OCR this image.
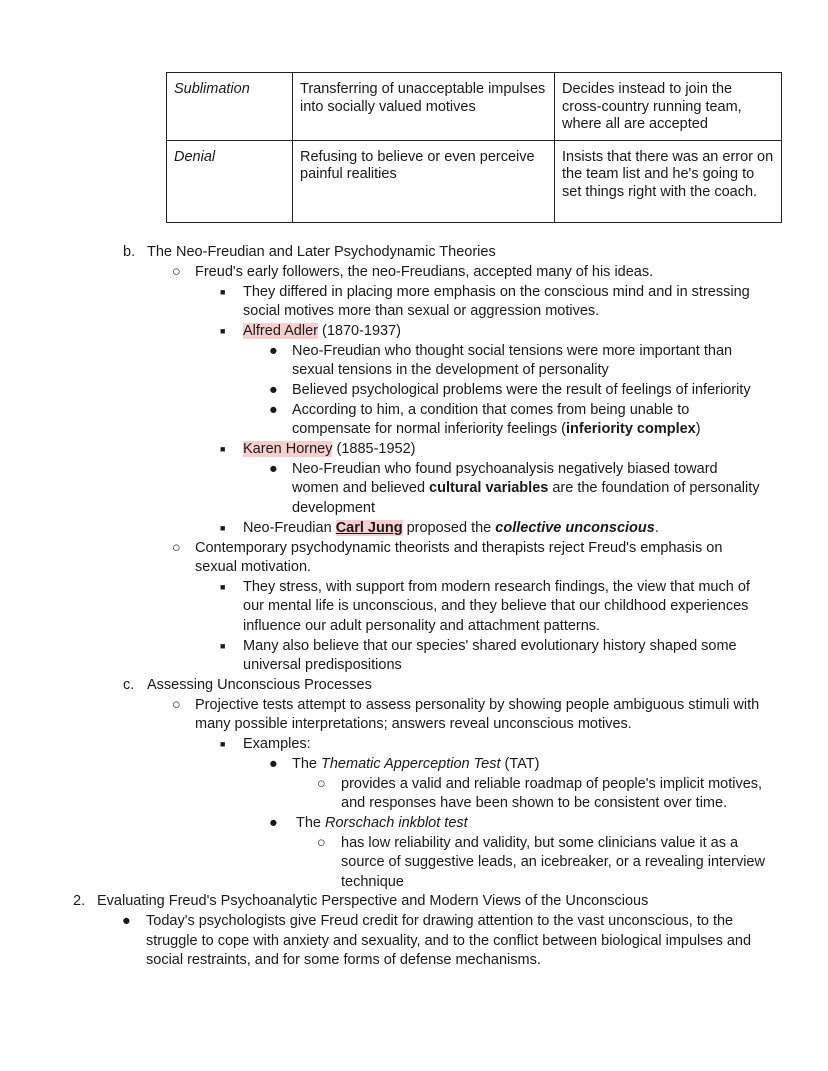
Sublimation	Transferring of unacceptable impulses into socially valued motives	Decides instead to join the cross-country running team, where all are accepted
Denial	Refusing to believe or even perceive painful realities	Insists that there was an error on the team list and he's going to set things right with the coach.
b. The Neo-Freudian and Later Psychodynamic Theories
○ Freud's early followers, the neo-Freudians, accepted many of his ideas.
■ They differed in placing more emphasis on the conscious mind and in stressing
social motives more than sexual or aggression motives.
■ Alfred Adler (1870-1937)
● Neo-Freudian who thought social tensions were more important than
sexual tensions in the development of personality
● Believed psychological problems were the result of feelings of inferiority
● According to him, a condition that comes from being unable to
compensate for normal inferiority feelings (inferiority complex)
■ Karen Horney (1885-1952)
● Neo-Freudian who found psychoanalysis negatively biased toward
women and believed cultural variables are the foundation of personality
development
■ Neo-Freudian Carl Jung proposed the collective unconscious.
○ Contemporary psychodynamic theorists and therapists reject Freud's emphasis on
sexual motivation.
■ They stress, with support from modern research findings, the view that much of
our mental life is unconscious, and they believe that our childhood experiences
influence our adult personality and attachment patterns.
■ Many also believe that our species' shared evolutionary history shaped some
universal predispositions
c. Assessing Unconscious Processes
○ Projective tests attempt to assess personality by showing people ambiguous stimuli with
many possible interpretations; answers reveal unconscious motives.
■ Examples:
● The Thematic Apperception Test (TAT)
○ provides a valid and reliable roadmap of people's implicit motives,
and responses have been shown to be consistent over time.
● The Rorschach inkblot test
○ has low reliability and validity, but some clinicians value it as a
source of suggestive leads, an icebreaker, or a revealing interview
technique
2. Evaluating Freud's Psychoanalytic Perspective and Modern Views of the Unconscious
● Today's psychologists give Freud credit for drawing attention to the vast unconscious, to the
struggle to cope with anxiety and sexuality, and to the conflict between biological impulses and
social restraints, and for some forms of defense mechanisms.
